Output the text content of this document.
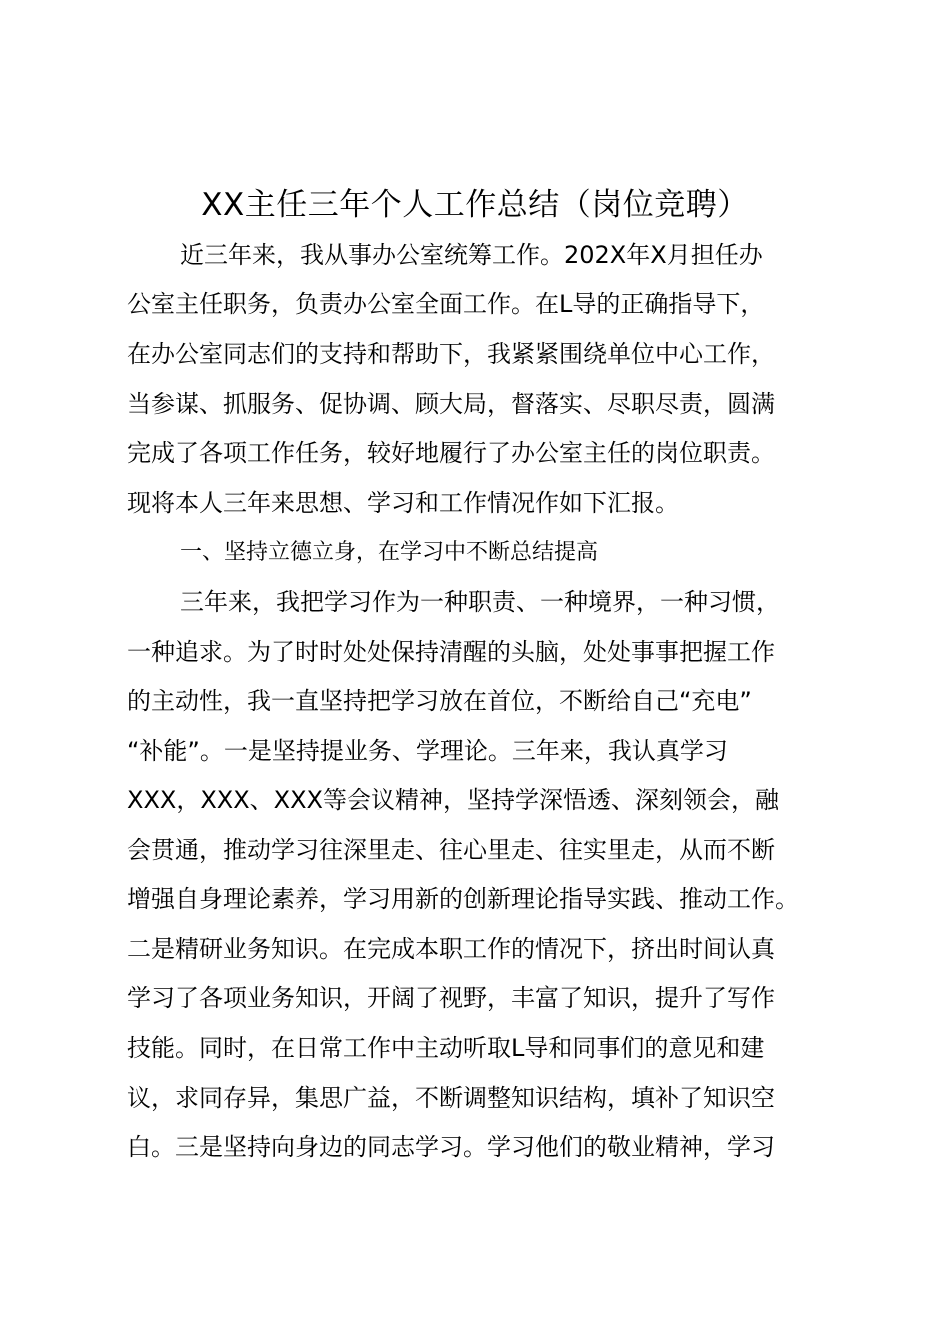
XX主任三年个人工作总结（岗位竞聘）
近三年来，我从事办公室统筹工作。202X年X月担任办
公室主任职务，负责办公室全面工作。在L导的正确指导下，
在办公室同志们的支持和帮助下，我紧紧围绕单位中心工作，
当参谋、抓服务、促协调、顾大局，督落实、尽职尽责，圆满
完成了各项工作任务，较好地履行了办公室主任的岗位职责。
现将本人三年来思想、学习和工作情况作如下汇报。
一、坚持立德立身，在学习中不断总结提高
三年来，我把学习作为一种职责、一种境界，一种习惯，
一种追求。为了时时处处保持清醒的头脑，处处事事把握工作
的主动性，我一直坚持把学习放在首位，不断给自己“充电”
“补能”。一是坚持提业务、学理论。三年来，我认真学习
XXX，XXX、XXX等会议精神，坚持学深悟透、深刻领会，融
会贯通，推动学习往深里走、往心里走、往实里走，从而不断
增强自身理论素养，学习用新的创新理论指导实践、推动工作。
二是精研业务知识。在完成本职工作的情况下，挤出时间认真
学习了各项业务知识，开阔了视野，丰富了知识，提升了写作
技能。同时，在日常工作中主动听取L导和同事们的意见和建
议，求同存异，集思广益，不断调整知识结构，填补了知识空
白。三是坚持向身边的同志学习。学习他们的敬业精神，学习
